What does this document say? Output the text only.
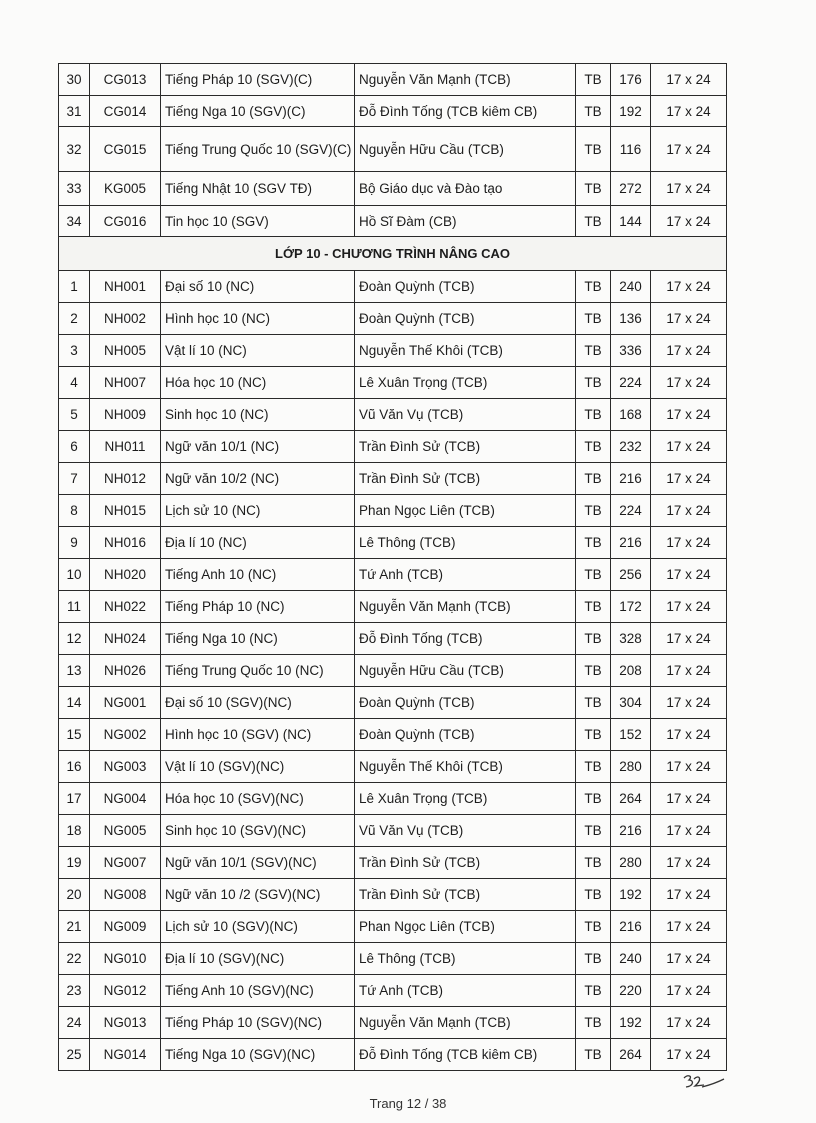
30	CG013	Tiếng Pháp 10 (SGV)(C)	Nguyễn Văn Mạnh (TCB)	TB	176	17 x 24
31	CG014	Tiếng Nga 10 (SGV)(C)	Đỗ Đình Tống (TCB kiêm CB)	TB	192	17 x 24
32	CG015	Tiếng Trung Quốc 10 (SGV)(C)	Nguyễn Hữu Cầu (TCB)	TB	116	17 x 24
33	KG005	Tiếng Nhật 10 (SGV TĐ)	Bộ Giáo dục và Đào tạo	TB	272	17 x 24
34	CG016	Tin học 10 (SGV)	Hồ Sĩ Đàm (CB)	TB	144	17 x 24
LỚP 10 - CHƯƠNG TRÌNH NÂNG CAO						
1	NH001	Đại số 10 (NC)	Đoàn Quỳnh (TCB)	TB	240	17 x 24
2	NH002	Hình học 10 (NC)	Đoàn Quỳnh (TCB)	TB	136	17 x 24
3	NH005	Vật lí 10 (NC)	Nguyễn Thế Khôi (TCB)	TB	336	17 x 24
4	NH007	Hóa học 10 (NC)	Lê Xuân Trọng (TCB)	TB	224	17 x 24
5	NH009	Sinh học 10 (NC)	Vũ Văn Vụ (TCB)	TB	168	17 x 24
6	NH011	Ngữ văn 10/1 (NC)	Trần Đình Sử (TCB)	TB	232	17 x 24
7	NH012	Ngữ văn 10/2 (NC)	Trần Đình Sử (TCB)	TB	216	17 x 24
8	NH015	Lịch sử 10 (NC)	Phan Ngọc Liên (TCB)	TB	224	17 x 24
9	NH016	Địa lí 10 (NC)	Lê Thông (TCB)	TB	216	17 x 24
10	NH020	Tiếng Anh 10 (NC)	Tứ Anh (TCB)	TB	256	17 x 24
11	NH022	Tiếng Pháp 10 (NC)	Nguyễn Văn Mạnh (TCB)	TB	172	17 x 24
12	NH024	Tiếng Nga 10 (NC)	Đỗ Đình Tống (TCB)	TB	328	17 x 24
13	NH026	Tiếng Trung Quốc 10 (NC)	Nguyễn Hữu Cầu (TCB)	TB	208	17 x 24
14	NG001	Đại số 10 (SGV)(NC)	Đoàn Quỳnh (TCB)	TB	304	17 x 24
15	NG002	Hình học 10 (SGV) (NC)	Đoàn Quỳnh (TCB)	TB	152	17 x 24
16	NG003	Vật lí 10 (SGV)(NC)	Nguyễn Thế Khôi (TCB)	TB	280	17 x 24
17	NG004	Hóa học 10 (SGV)(NC)	Lê Xuân Trọng (TCB)	TB	264	17 x 24
18	NG005	Sinh học 10 (SGV)(NC)	Vũ Văn Vụ (TCB)	TB	216	17 x 24
19	NG007	Ngữ văn 10/1 (SGV)(NC)	Trần Đình Sử (TCB)	TB	280	17 x 24
20	NG008	Ngữ văn 10 /2 (SGV)(NC)	Trần Đình Sử (TCB)	TB	192	17 x 24
21	NG009	Lịch sử 10 (SGV)(NC)	Phan Ngọc Liên (TCB)	TB	216	17 x 24
22	NG010	Địa lí 10 (SGV)(NC)	Lê Thông (TCB)	TB	240	17 x 24
23	NG012	Tiếng Anh 10 (SGV)(NC)	Tứ Anh (TCB)	TB	220	17 x 24
24	NG013	Tiếng Pháp 10 (SGV)(NC)	Nguyễn Văn Mạnh (TCB)	TB	192	17 x 24
25	NG014	Tiếng Nga 10 (SGV)(NC)	Đỗ Đình Tống (TCB kiêm CB)	TB	264	17 x 24
Trang 12 / 38
